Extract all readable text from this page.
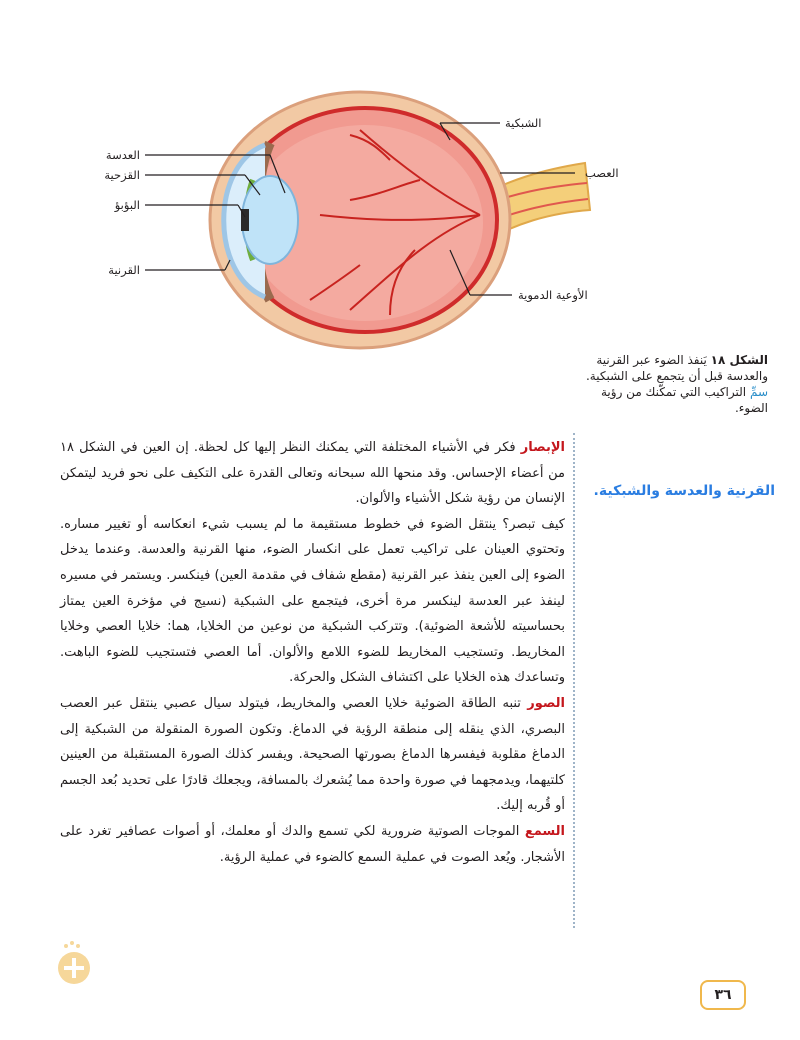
العدسة
القزحية
البؤبؤ
القرنية
الشبكية
العصب
الأوعية الدموية
الشكل ١٨ يَنفذ الضوء عبر القرنية والعدسة قبل أن يتجمع على الشبكية.
سمِّ التراكيب التي تمكّنك من رؤية الضوء.
القرنية والعدسة والشبكية.

الإبصار فكر في الأشياء المختلفة التي يمكنك النظر إليها كل لحظة. إن العين في الشكل ١٨ من أعضاء الإحساس. وقد منحها الله سبحانه وتعالى القدرة على التكيف على نحو فريد ليتمكن الإنسان من رؤية شكل الأشياء والألوان.

كيف تبصر؟ ينتقل الضوء في خطوط مستقيمة ما لم يسبب شيء انعكاسه أو تغيير مساره. وتحتوي العينان على تراكيب تعمل على انكسار الضوء، منها القرنية والعدسة. وعندما يدخل الضوء إلى العين ينفذ عبر القرنية (مقطع شفاف في مقدمة العين) فينكسر. ويستمر في مسيره لينفذ عبر العدسة لينكسر مرة أخرى، فيتجمع على الشبكية (نسيج في مؤخرة العين يمتاز بحساسيته للأشعة الضوئية). وتتركب الشبكية من نوعين من الخلايا، هما: خلايا العصي وخلايا المخاريط. وتستجيب المخاريط للضوء اللامع والألوان. أما العصي فتستجيب للضوء الباهت. وتساعدك هذه الخلايا على اكتشاف الشكل والحركة.

الصور تنبه الطاقة الضوئية خلايا العصي والمخاريط، فيتولد سيال عصبي ينتقل عبر العصب البصري، الذي ينقله إلى منطقة الرؤية في الدماغ. وتكون الصورة المنقولة من الشبكية إلى الدماغ مقلوبة فيفسرها الدماغ بصورتها الصحيحة. ويفسر كذلك الصورة المستقبلة من العينين كلتيهما، ويدمجهما في صورة واحدة مما يُشعرك بالمسافة، ويجعلك قادرًا على تحديد بُعد الجسم أو قُربه إليك.

السمع الموجات الصوتية ضرورية لكي تسمع والدك أو معلمك، أو أصوات عصافير تغرد على الأشجار. ويُعد الصوت في عملية السمع كالضوء في عملية الرؤية.

٣٦
